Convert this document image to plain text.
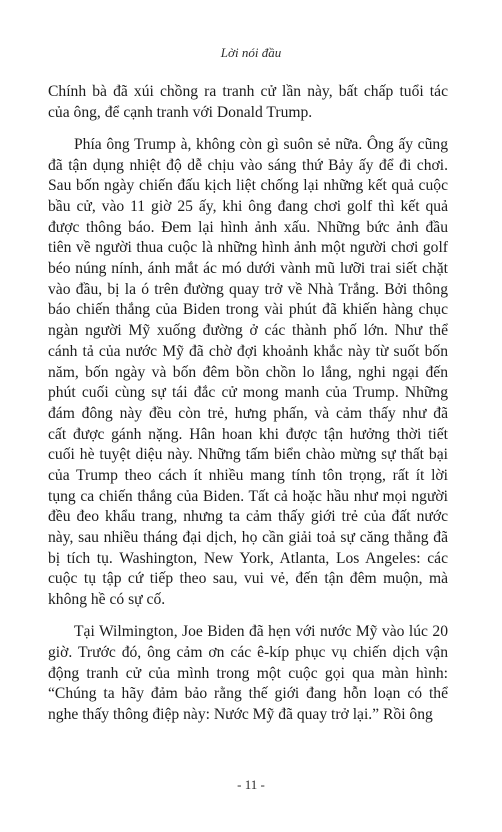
Lời nói đầu
Chính bà đã xúi chồng ra tranh cử lần này, bất chấp tuổi tác
của ông, để cạnh tranh với Donald Trump.
Phía ông Trump à, không còn gì suôn sẻ nữa. Ông ấy cũng
đã tận dụng nhiệt độ dễ chịu vào sáng thứ Bảy ấy để đi chơi.
Sau bốn ngày chiến đấu kịch liệt chống lại những kết quả cuộc
bầu cử, vào 11 giờ 25 ấy, khi ông đang chơi golf thì kết quả
được thông báo. Đem lại hình ảnh xấu. Những bức ảnh đầu
tiên về người thua cuộc là những hình ảnh một người chơi golf
béo núng nính, ánh mắt ác mó dưới vành mũ lưỡi trai siết chặt
vào đầu, bị la ó trên đường quay trở về Nhà Trắng. Bởi thông
báo chiến thắng của Biden trong vài phút đã khiến hàng chục
ngàn người Mỹ xuống đường ở các thành phố lớn. Như thể
cánh tả của nước Mỹ đã chờ đợi khoảnh khắc này từ suốt bốn
năm, bốn ngày và bốn đêm bồn chồn lo lắng, nghi ngại đến
phút cuối cùng sự tái đắc cử mong manh của Trump. Những
đám đông này đều còn trẻ, hưng phấn, và cảm thấy như đã
cất được gánh nặng. Hân hoan khi được tận hưởng thời tiết
cuối hè tuyệt diệu này. Những tấm biển chào mừng sự thất bại
của Trump theo cách ít nhiều mang tính tôn trọng, rất ít lời
tụng ca chiến thắng của Biden. Tất cả hoặc hầu như mọi người
đều đeo khẩu trang, nhưng ta cảm thấy giới trẻ của đất nước
này, sau nhiều tháng đại dịch, họ cần giải toả sự căng thẳng đã
bị tích tụ. Washington, New York, Atlanta, Los Angeles: các
cuộc tụ tập cứ tiếp theo sau, vui vẻ, đến tận đêm muộn, mà
không hề có sự cố.
Tại Wilmington, Joe Biden đã hẹn với nước Mỹ vào lúc 20
giờ. Trước đó, ông cảm ơn các ê-kíp phục vụ chiến dịch vận
động tranh cử của mình trong một cuộc gọi qua màn hình:
“Chúng ta hãy đảm bảo rằng thế giới đang hỗn loạn có thể
nghe thấy thông điệp này: Nước Mỹ đã quay trở lại.” Rồi ông
- 11 -
